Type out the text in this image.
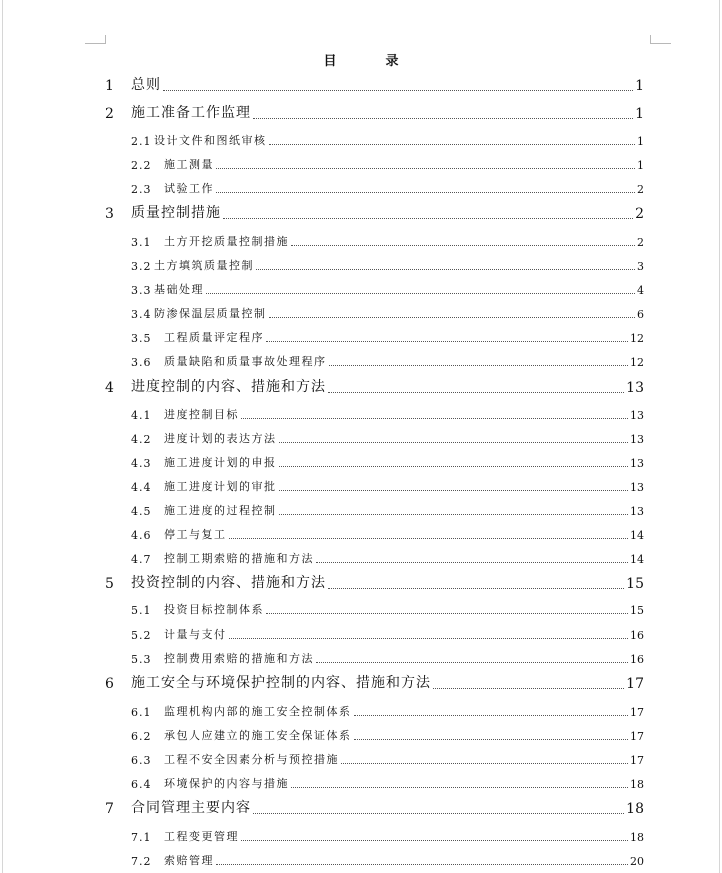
目　录
1 总则	1
2 施工准备工作监理	1
2.1 设计文件和图纸审核	1
2.2 施工测量	1
2.3 试验工作	2
3 质量控制措施	2
3.1 土方开挖质量控制措施	2
3.2 土方填筑质量控制	3
3.3 基础处理	4
3.4 防渗保温层质量控制	6
3.5 工程质量评定程序	12
3.6 质量缺陷和质量事故处理程序	12
4 进度控制的内容、措施和方法	13
4.1 进度控制目标	13
4.2 进度计划的表达方法	13
4.3 施工进度计划的申报	13
4.4 施工进度计划的审批	13
4.5 施工进度的过程控制	13
4.6 停工与复工	14
4.7 控制工期索赔的措施和方法	14
5 投资控制的内容、措施和方法	15
5.1 投资目标控制体系	15
5.2 计量与支付	16
5.3 控制费用索赔的措施和方法	16
6 施工安全与环境保护控制的内容、措施和方法	17
6.1 监理机构内部的施工安全控制体系	17
6.2 承包人应建立的施工安全保证体系	17
6.3 工程不安全因素分析与预控措施	17
6.4 环境保护的内容与措施	18
7 合同管理主要内容	18
7.1 工程变更管理	18
7.2 索赔管理	20
